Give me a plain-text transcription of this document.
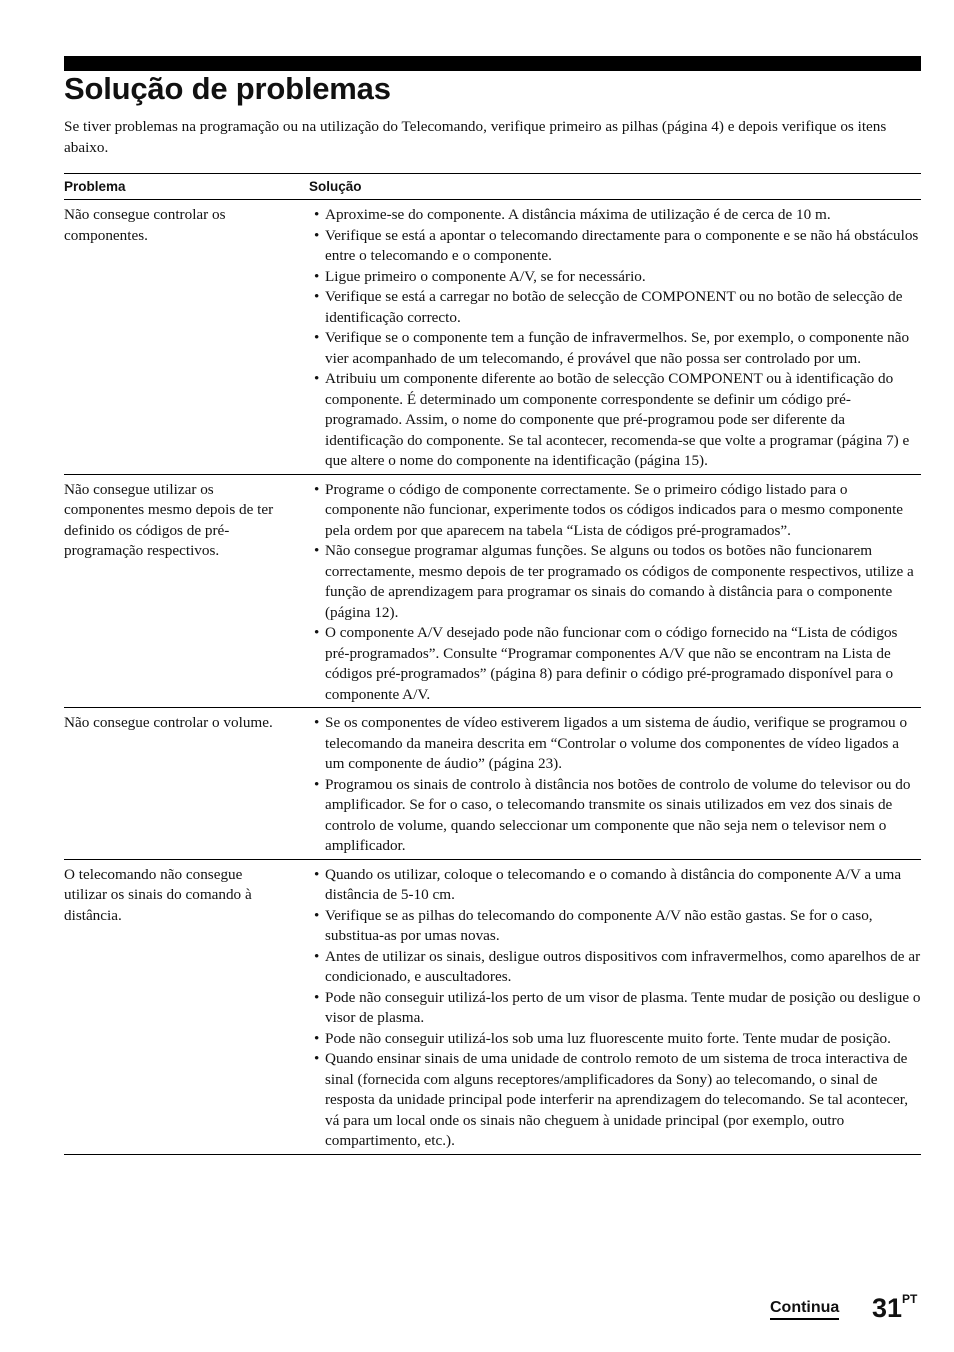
Solução de problemas
Se tiver problemas na programação ou na utilização do Telecomando, verifique primeiro as pilhas (página 4) e depois verifique os itens abaixo.
Problema	Solução
Não consegue controlar os componentes.
• Aproxime-se do componente. A distância máxima de utilização é de cerca de 10 m.
• Verifique se está a apontar o telecomando directamente para o componente e se não há obstáculos entre o telecomando e o componente.
• Ligue primeiro o componente A/V, se for necessário.
• Verifique se está a carregar no botão de selecção de COMPONENT ou no botão de selecção de identificação correcto.
• Verifique se o componente tem a função de infravermelhos. Se, por exemplo, o componente não vier acompanhado de um telecomando, é provável que não possa ser controlado por um.
• Atribuiu um componente diferente ao botão de selecção COMPONENT ou à identificação do componente. É determinado um componente correspondente se definir um código pré-programado. Assim, o nome do componente que pré-programou pode ser diferente da identificação do componente. Se tal acontecer, recomenda-se que volte a programar (página 7) e que altere o nome do componente na identificação (página 15).
Não consegue utilizar os componentes mesmo depois de ter definido os códigos de pré-programação respectivos.
• Programe o código de componente correctamente. Se o primeiro código listado para o componente não funcionar, experimente todos os códigos indicados para o mesmo componente pela ordem por que aparecem na tabela “Lista de códigos pré-programados”.
• Não consegue programar algumas funções. Se alguns ou todos os botões não funcionarem correctamente, mesmo depois de ter programado os códigos de componente respectivos, utilize a função de aprendizagem para programar os sinais do comando à distância para o componente (página 12).
• O componente A/V desejado pode não funcionar com o código fornecido na “Lista de códigos pré-programados”. Consulte “Programar componentes A/V que não se encontram na Lista de códigos pré-programados” (página 8) para definir o código pré-programado disponível para o componente A/V.
Não consegue controlar o volume.
•	Se os componentes de vídeo estiverem ligados a um sistema de áudio, verifique se programou o telecomando da maneira descrita em “Controlar o volume dos componentes de vídeo ligados a um componente de áudio” (página 23).
• Programou os sinais de controlo à distância nos botões de controlo de volume do televisor ou do amplificador. Se for o caso, o telecomando transmite os sinais utilizados em vez dos sinais de controlo de volume, quando seleccionar um componente que não seja nem o televisor nem o amplificador.
O telecomando não consegue utilizar os sinais do comando à distância.
• Quando os utilizar, coloque o telecomando e o comando à distância do componente A/V a uma distância de 5-10 cm.
• Verifique se as pilhas do telecomando do componente A/V não estão gastas. Se for o caso, substitua-as por umas novas.
• Antes de utilizar os sinais, desligue outros dispositivos com infravermelhos, como aparelhos de ar condicionado, e auscultadores.
• Pode não conseguir utilizá-los perto de um visor de plasma. Tente mudar de posição ou desligue o visor de plasma.
• Pode não conseguir utilizá-los sob uma luz fluorescente muito forte. Tente mudar de posição.
• Quando ensinar sinais de uma unidade de controlo remoto de um sistema de troca interactiva de sinal (fornecida com alguns receptores/amplificadores da Sony) ao telecomando, o sinal de resposta da unidade principal pode interferir na aprendizagem do telecomando. Se tal acontecer, vá para um local onde os sinais não cheguem à unidade principal (por exemplo, outro compartimento, etc.).
Continua $31^{PT}$
